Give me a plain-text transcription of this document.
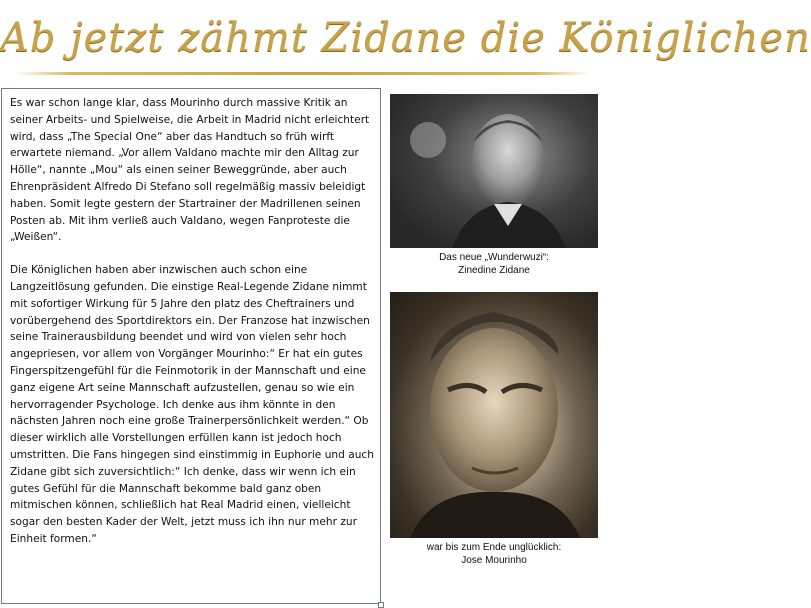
Ab jetzt zähmt Zidane die Königlichen

Es war schon lange klar, dass Mourinho durch massive Kritik an seiner Arbeits- und Spielweise, die Arbeit in Madrid nicht erleichtert wird, dass „The Special One“ aber das Handtuch so früh wirft erwartete niemand. „Vor allem Valdano machte mir den Alltag zur Hölle“, nannte „Mou“ als einen seiner Beweggründe, aber auch Ehrenpräsident Alfredo Di Stefano soll regelmäßig massiv beleidigt haben. Somit legte gestern der Startrainer der Madrillenen seinen Posten ab. Mit ihm verließ auch Valdano, wegen Fanproteste die „Weißen“.

Die Königlichen haben aber inzwischen auch schon eine Langzeitlösung gefunden. Die einstige Real-Legende Zidane nimmt mit sofortiger Wirkung für 5 Jahre den platz des Cheftrainers und vorübergehend des Sportdirektors ein. Der Franzose hat inzwischen seine Trainerausbildung beendet und wird von vielen sehr hoch angepriesen, vor allem von Vorgänger Mourinho:“ Er hat ein gutes Fingerspitzengefühl für die Feinmotorik in der Mannschaft und eine ganz eigene Art seine Mannschaft aufzustellen, genau so wie ein hervorragender Psychologe. Ich denke aus ihm könnte in den nächsten Jahren noch eine große Trainerpersönlichkeit werden.“ Ob dieser wirklich alle Vorstellungen erfüllen kann ist jedoch hoch umstritten. Die Fans hingegen sind einstimmig in Euphorie und auch Zidane gibt sich zuversichtlich:“ Ich denke, dass wir wenn ich ein gutes Gefühl für die Mannschaft bekomme bald ganz oben mitmischen können, schließlich hat Real Madrid einen, vielleicht sogar den besten Kader der Welt, jetzt muss ich ihn nur mehr zur Einheit formen.“

Das neue „Wunderwuzi“:
Zinedine Zidane
war bis zum Ende unglücklich:
Jose Mourinho
